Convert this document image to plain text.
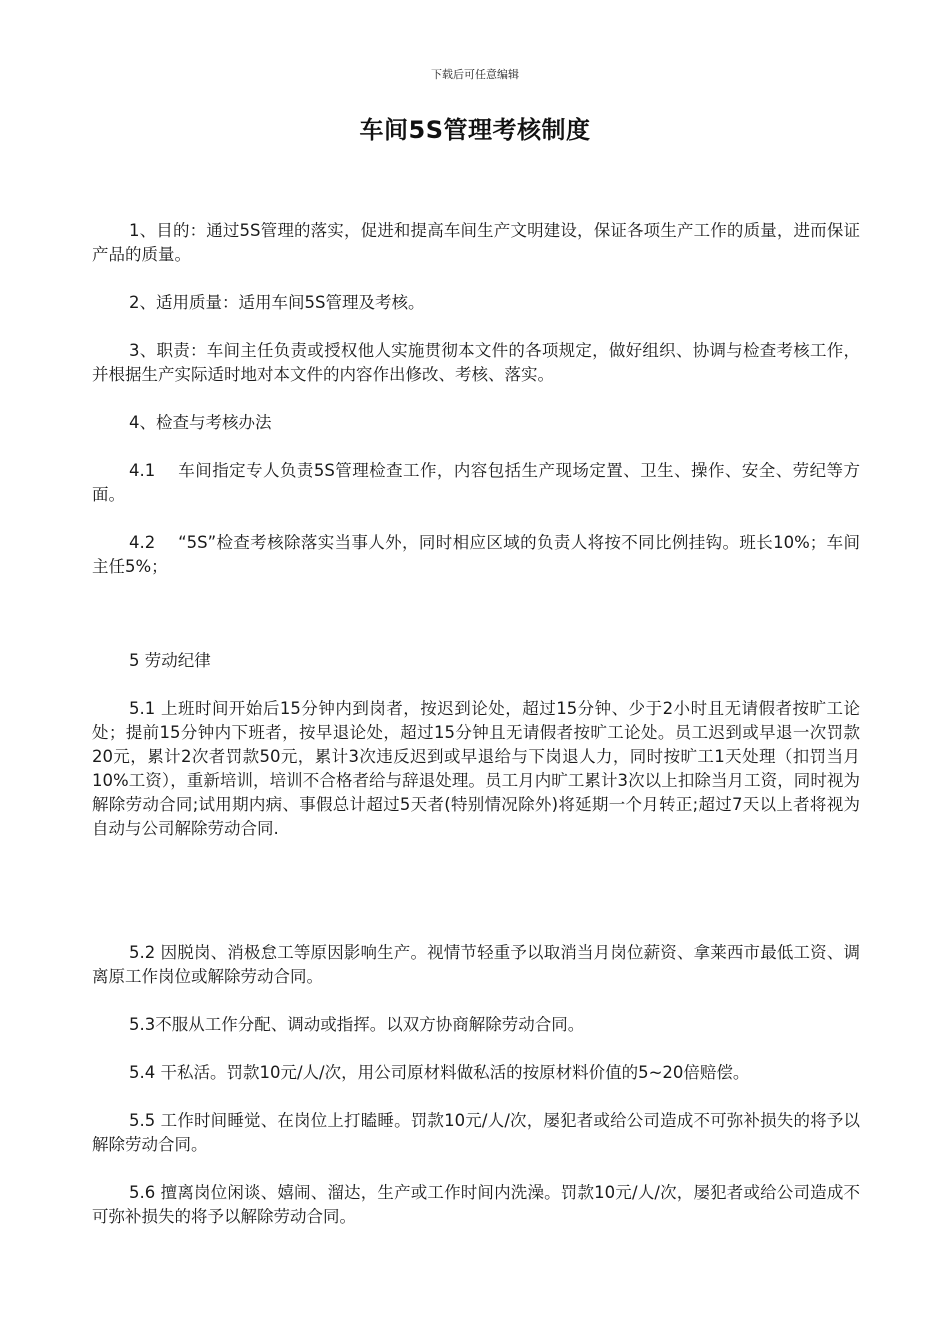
下载后可任意编辑
车间5S管理考核制度
1、目的：通过5S管理的落实，促进和提高车间生产文明建设，保证各项生产工作的质量，进而保证产品的质量。
2、适用质量：适用车间5S管理及考核。
3、职责：车间主任负责或授权他人实施贯彻本文件的各项规定，做好组织、协调与检查考核工作，并根据生产实际适时地对本文件的内容作出修改、考核、落实。
4、检查与考核办法
4.1　 车间指定专人负责5S管理检查工作，内容包括生产现场定置、卫生、操作、安全、劳纪等方面。
4.2　 “5S”检查考核除落实当事人外，同时相应区域的负责人将按不同比例挂钩。班长10%；车间主任5%；
5 劳动纪律
5.1 上班时间开始后15分钟内到岗者，按迟到论处，超过15分钟、少于2小时且无请假者按旷工论处；提前15分钟内下班者，按早退论处，超过15分钟且无请假者按旷工论处。员工迟到或早退一次罚款20元，累计2次者罚款50元，累计3次违反迟到或早退给与下岗退人力，同时按旷工1天处理（扣罚当月10%工资），重新培训，培训不合格者给与辞退处理。员工月内旷工累计3次以上扣除当月工资，同时视为解除劳动合同;试用期内病、事假总计超过5天者(特别情况除外)将延期一个月转正;超过7天以上者将视为自动与公司解除劳动合同.
5.2 因脱岗、消极怠工等原因影响生产。视情节轻重予以取消当月岗位薪资、拿莱西市最低工资、调离原工作岗位或解除劳动合同。
5.3不服从工作分配、调动或指挥。以双方协商解除劳动合同。
5.4 干私活。罚款10元/人/次，用公司原材料做私活的按原材料价值的5~20倍赔偿。
5.5 工作时间睡觉、在岗位上打瞌睡。罚款10元/人/次，屡犯者或给公司造成不可弥补损失的将予以解除劳动合同。
5.6 擅离岗位闲谈、嬉闹、溜达，生产或工作时间内洗澡。罚款10元/人/次，屡犯者或给公司造成不可弥补损失的将予以解除劳动合同。
